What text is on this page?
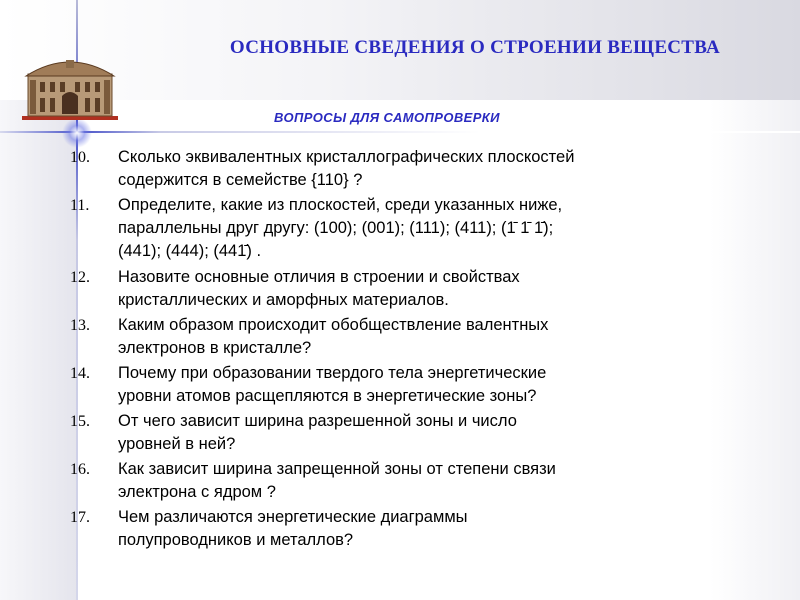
ОСНОВНЫЕ СВЕДЕНИЯ О СТРОЕНИИ ВЕЩЕСТВА
ВОПРОСЫ ДЛЯ САМОПРОВЕРКИ
10.	Сколько эквивалентных кристаллографических плоскостей
содержится в семействе {110} ?
11.	Определите, какие из плоскостей, среди указанных ниже,
параллельны друг другу: (100); (001); (111); (411); (1̄ 1̄ 1̄);
(441); (444); (441̄) .
12.	Назовите основные отличия в строении и свойствах
кристаллических и аморфных материалов.
13.	Каким образом происходит обобществление валентных
электронов в кристалле?
14.	Почему при образовании твердого тела энергетические
уровни атомов расщепляются в энергетические зоны?
15.	От чего зависит ширина разрешенной зоны и число
уровней в ней?
16.	Как зависит ширина запрещенной зоны от степени связи
электрона с ядром ?
17.	Чем различаются энергетические диаграммы
полупроводников и металлов?
